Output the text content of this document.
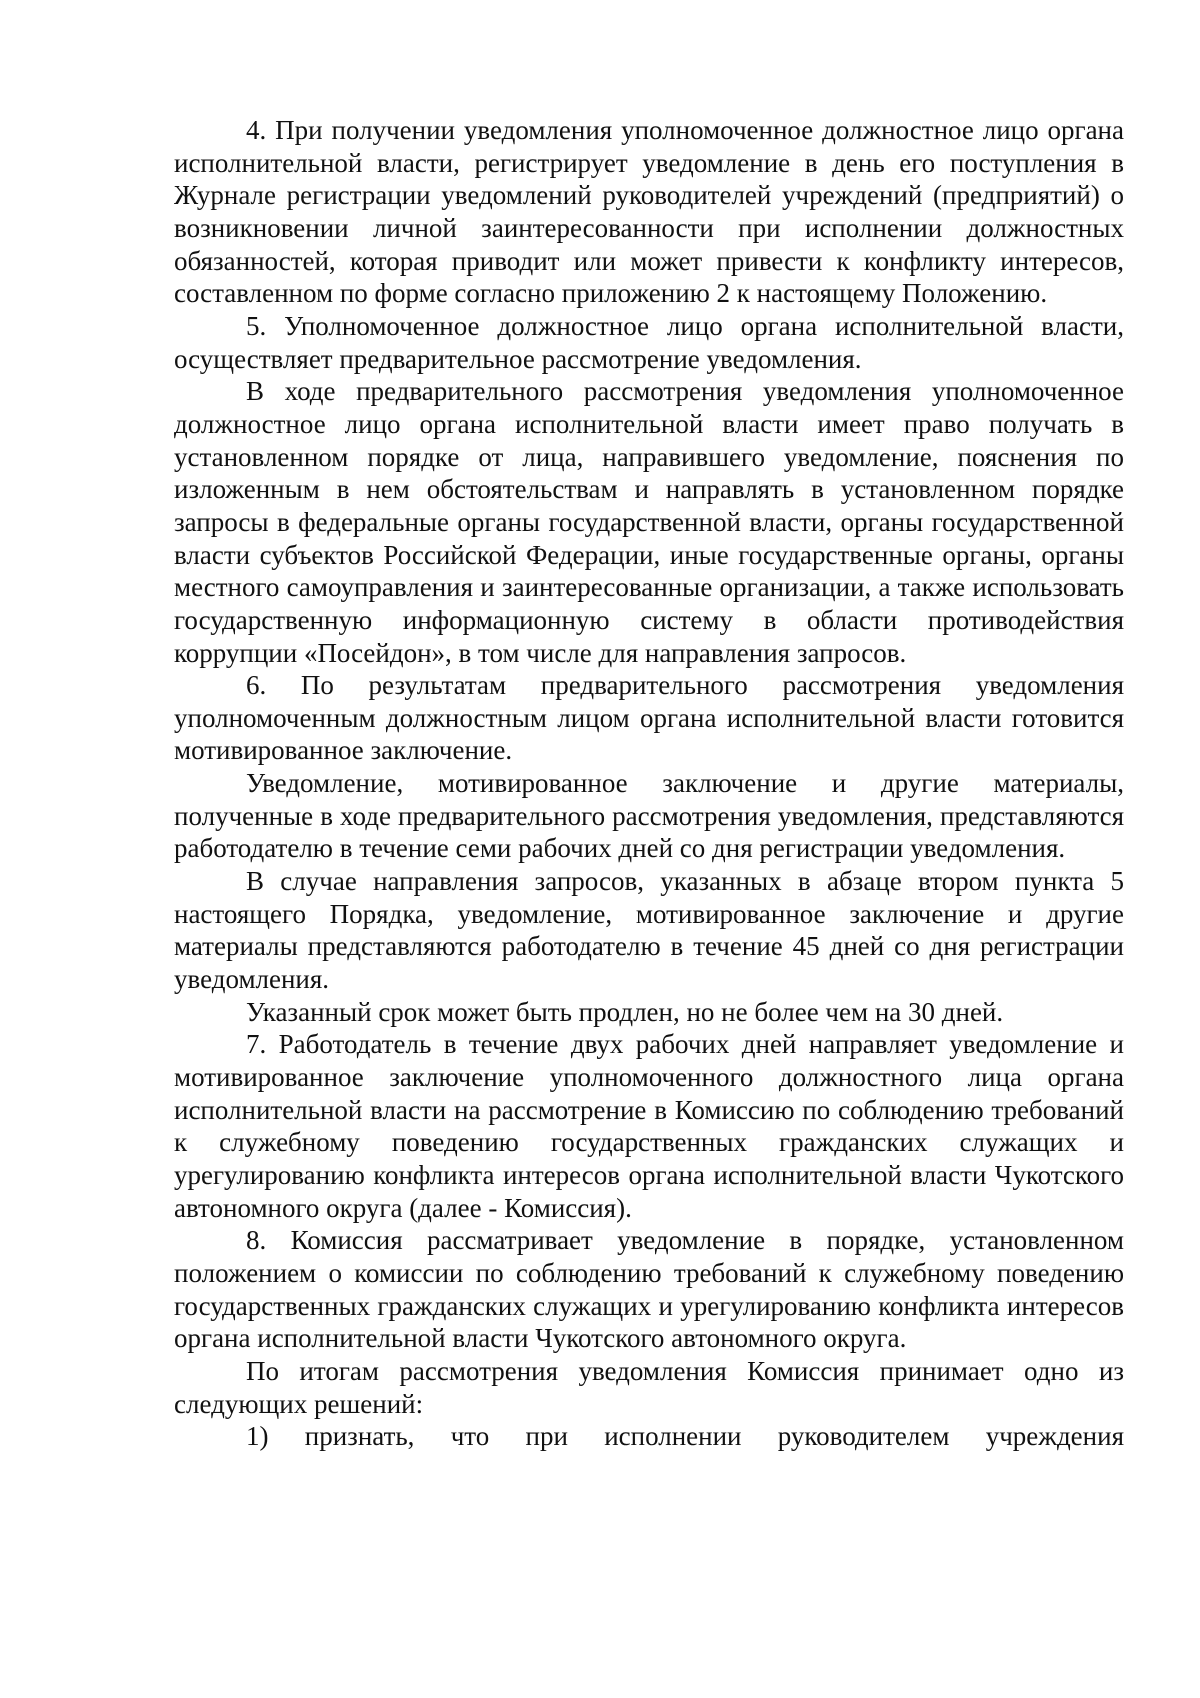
4. При получении уведомления уполномоченное должностное лицо органа исполнительной власти, регистрирует уведомление в день его поступления в Журнале регистрации уведомлений руководителей учреждений (предприятий) о возникновении личной заинтересованности при исполнении должностных обязанностей, которая приводит или может привести к конфликту интересов, составленном по форме согласно приложению 2 к настоящему Положению.

5. Уполномоченное должностное лицо органа исполнительной власти, осуществляет предварительное рассмотрение уведомления.

В ходе предварительного рассмотрения уведомления уполномоченное должностное лицо органа исполнительной власти имеет право получать в установленном порядке от лица, направившего уведомление, пояснения по изложенным в нем обстоятельствам и направлять в установленном порядке запросы в федеральные органы государственной власти, органы государственной власти субъектов Российской Федерации, иные государственные органы, органы местного самоуправления и заинтересованные организации, а также использовать государственную информационную систему в области противодействия коррупции «Посейдон», в том числе для направления запросов.

6. По результатам предварительного рассмотрения уведомления уполномоченным должностным лицом органа исполнительной власти готовится мотивированное заключение.

Уведомление, мотивированное заключение и другие материалы, полученные в ходе предварительного рассмотрения уведомления, представляются работодателю в течение семи рабочих дней со дня регистрации уведомления.

В случае направления запросов, указанных в абзаце втором пункта 5 настоящего Порядка, уведомление, мотивированное заключение и другие материалы представляются работодателю в течение 45 дней со дня регистрации уведомления.

Указанный срок может быть продлен, но не более чем на 30 дней.

7. Работодатель в течение двух рабочих дней направляет уведомление и мотивированное заключение уполномоченного должностного лица органа исполнительной власти на рассмотрение в Комиссию по соблюдению требований к служебному поведению государственных гражданских служащих и урегулированию конфликта интересов органа исполнительной власти Чукотского автономного округа (далее - Комиссия).

8. Комиссия рассматривает уведомление в порядке, установленном положением о комиссии по соблюдению требований к служебному поведению государственных гражданских служащих и урегулированию конфликта интересов органа исполнительной власти Чукотского автономного округа.

По итогам рассмотрения уведомления Комиссия принимает одно из следующих решений:

1) признать, что при исполнении руководителем учреждения
